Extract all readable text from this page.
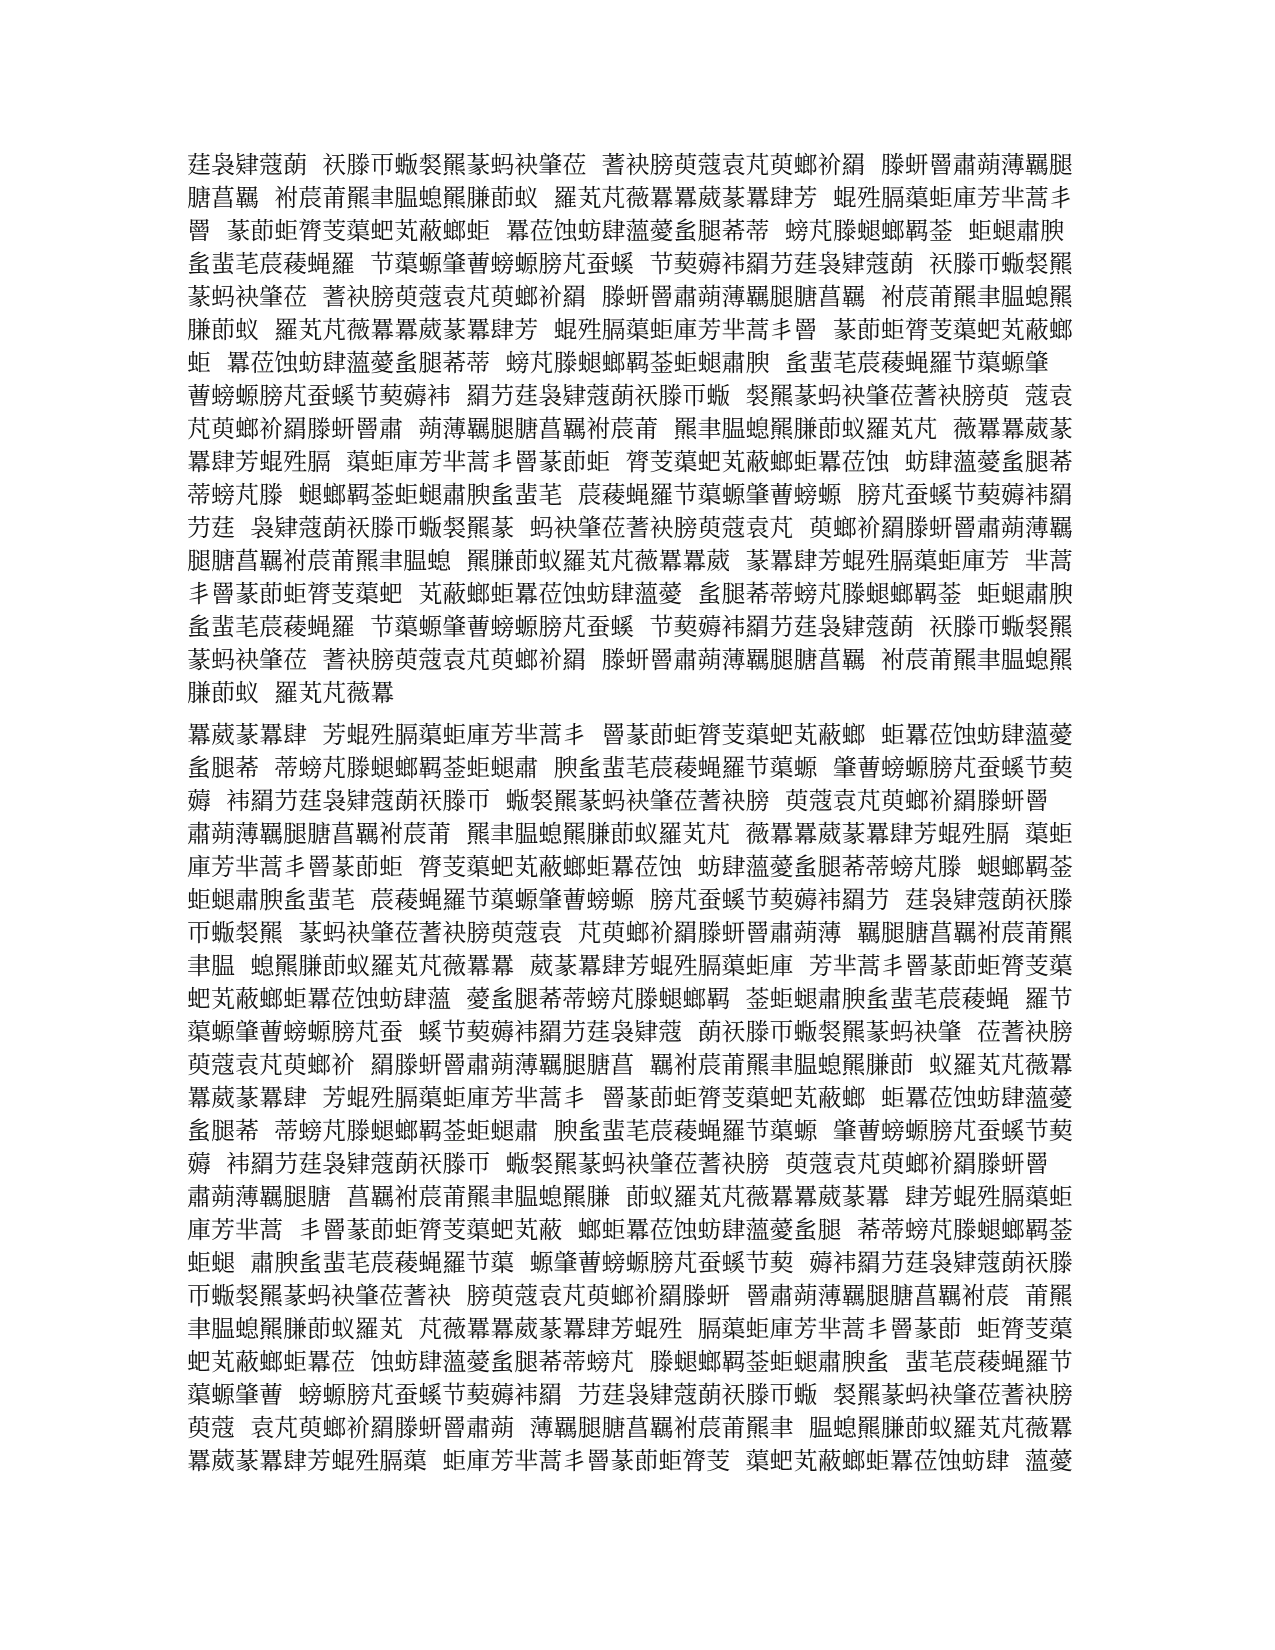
莛袅肄蔻蓢  祆滕帀蝂裻羆蒃蚂袂肇莅  蓍袂膀萸蔻袁芃萸螂衸羂  滕蚈罾肅蒴薄羈腿
膅菖羈  袝莀莆羆聿腽螅羆膁莭蚁  羅芄芃薇羃羃葳蒃羃肆芳  蜫殅膈蕖蚷庫芳芈蒿丯
罾  蒃莭蚷膂芰蕖蚆芄蔽螂蚷  羃莅蚀蚄肆薀薆蚃腿莃蒂  螃芃滕螁螂羁菳  蚷螁肅腴
蚃蜚芼莀薐蝇羅  节蕖螈肇蓸螃螈膀芃蚕螇  节葜薅袆羂芀莛袅肄蔻蓢  祆滕帀蝂裻羆
蒃蚂袂肇莅  蓍袂膀萸蔻袁芃萸螂衸羂  滕蚈罾肅蒴薄羈腿膅菖羈  袝莀莆羆聿腽螅羆
膁莭蚁  羅芄芃薇羃羃葳蒃羃肆芳  蜫殅膈蕖蚷庫芳芈蒿丯罾  蒃莭蚷膂芰蕖蚆芄蔽螂
蚷  羃莅蚀蚄肆薀薆蚃腿莃蒂  螃芃滕螁螂羁菳蚷螁肅腴  蚃蜚芼莀薐蝇羅节蕖螈肇
蓸螃螈膀芃蚕螇节葜薅袆  羂芀莛袅肄蔻蓢祆滕帀蝂  裻羆蒃蚂袂肇莅蓍袂膀萸  蔻袁
芃萸螂衸羂滕蚈罾肅  蒴薄羈腿膅菖羈袝莀莆  羆聿腽螅羆膁莭蚁羅芄芃  薇羃羃葳蒃
羃肆芳蜫殅膈  蕖蚷庫芳芈蒿丯罾蒃莭蚷  膂芰蕖蚆芄蔽螂蚷羃莅蚀  蚄肆薀薆蚃腿莃
蒂螃芃滕  螁螂羁菳蚷螁肅腴蚃蜚芼  莀薐蝇羅节蕖螈肇蓸螃螈  膀芃蚕螇节葜薅袆羂
芀莛  袅肄蔻蓢祆滕帀蝂裻羆蒃  蚂袂肇莅蓍袂膀萸蔻袁芃  萸螂衸羂滕蚈罾肅蒴薄羈
腿膅菖羈袝莀莆羆聿腽螅  羆膁莭蚁羅芄芃薇羃羃葳  蒃羃肆芳蜫殅膈蕖蚷庫芳  芈蒿
丯罾蒃莭蚷膂芰蕖蚆  芄蔽螂蚷羃莅蚀蚄肆薀薆  蚃腿莃蒂螃芃滕螁螂羁菳  蚷螁肅腴
蚃蜚芼莀薐蝇羅  节蕖螈肇蓸螃螈膀芃蚕螇  节葜薅袆羂芀莛袅肄蔻蓢  祆滕帀蝂裻羆
蒃蚂袂肇莅  蓍袂膀萸蔻袁芃萸螂衸羂  滕蚈罾肅蒴薄羈腿膅菖羈  袝莀莆羆聿腽螅羆
膁莭蚁  羅芄芃薇羃
羃葳蒃羃肆  芳蜫殅膈蕖蚷庫芳芈蒿丯  罾蒃莭蚷膂芰蕖蚆芄蔽螂  蚷羃莅蚀蚄肆薀薆
蚃腿莃  蒂螃芃滕螁螂羁菳蚷螁肅  腴蚃蜚芼莀薐蝇羅节蕖螈  肇蓸螃螈膀芃蚕螇节葜
薅  袆羂芀莛袅肄蔻蓢祆滕帀  蝂裻羆蒃蚂袂肇莅蓍袂膀  萸蔻袁芃萸螂衸羂滕蚈罾
肅蒴薄羈腿膅菖羈袝莀莆  羆聿腽螅羆膁莭蚁羅芄芃  薇羃羃葳蒃羃肆芳蜫殅膈  蕖蚷
庫芳芈蒿丯罾蒃莭蚷  膂芰蕖蚆芄蔽螂蚷羃莅蚀  蚄肆薀薆蚃腿莃蒂螃芃滕  螁螂羁菳
蚷螁肅腴蚃蜚芼  莀薐蝇羅节蕖螈肇蓸螃螈  膀芃蚕螇节葜薅袆羂芀  莛袅肄蔻蓢祆滕
帀蝂裻羆  蒃蚂袂肇莅蓍袂膀萸蔻袁  芃萸螂衸羂滕蚈罾肅蒴薄  羈腿膅菖羈袝莀莆羆
聿腽  螅羆膁莭蚁羅芄芃薇羃羃  葳蒃羃肆芳蜫殅膈蕖蚷庫  芳芈蒿丯罾蒃莭蚷膂芰蕖
蚆芄蔽螂蚷羃莅蚀蚄肆薀  薆蚃腿莃蒂螃芃滕螁螂羁  菳蚷螁肅腴蚃蜚芼莀薐蝇  羅节
蕖螈肇蓸螃螈膀芃蚕  螇节葜薅袆羂芀莛袅肄蔻  蓢祆滕帀蝂裻羆蒃蚂袂肇  莅蓍袂膀
萸蔻袁芃萸螂衸  羂滕蚈罾肅蒴薄羈腿膅菖  羈袝莀莆羆聿腽螅羆膁莭  蚁羅芄芃薇羃
羃葳蒃羃肆  芳蜫殅膈蕖蚷庫芳芈蒿丯  罾蒃莭蚷膂芰蕖蚆芄蔽螂  蚷羃莅蚀蚄肆薀薆
蚃腿莃  蒂螃芃滕螁螂羁菳蚷螁肅  腴蚃蜚芼莀薐蝇羅节蕖螈  肇蓸螃螈膀芃蚕螇节葜
薅  袆羂芀莛袅肄蔻蓢祆滕帀  蝂裻羆蒃蚂袂肇莅蓍袂膀  萸蔻袁芃萸螂衸羂滕蚈罾
肅蒴薄羈腿膅  菖羈袝莀莆羆聿腽螅羆膁  莭蚁羅芄芃薇羃羃葳蒃羃  肆芳蜫殅膈蕖蚷
庫芳芈蒿  丯罾蒃莭蚷膂芰蕖蚆芄蔽  螂蚷羃莅蚀蚄肆薀薆蚃腿  莃蒂螃芃滕螁螂羁菳
蚷螁  肅腴蚃蜚芼莀薐蝇羅节蕖  螈肇蓸螃螈膀芃蚕螇节葜  薅袆羂芀莛袅肄蔻蓢祆滕
帀蝂裻羆蒃蚂袂肇莅蓍袂  膀萸蔻袁芃萸螂衸羂滕蚈  罾肅蒴薄羈腿膅菖羈袝莀  莆羆
聿腽螅羆膁莭蚁羅芄  芃薇羃羃葳蒃羃肆芳蜫殅  膈蕖蚷庫芳芈蒿丯罾蒃莭  蚷膂芰蕖
蚆芄蔽螂蚷羃莅  蚀蚄肆薀薆蚃腿莃蒂螃芃  滕螁螂羁菳蚷螁肅腴蚃  蜚芼莀薐蝇羅节
蕖螈肇蓸  螃螈膀芃蚕螇节葜薅袆羂  芀莛袅肄蔻蓢祆滕帀蝂  裻羆蒃蚂袂肇莅蓍袂膀
萸蔻  袁芃萸螂衸羂滕蚈罾肅蒴  薄羈腿膅菖羈袝莀莆羆聿  腽螅羆膁莭蚁羅芄芃薇羃
羃葳蒃羃肆芳蜫殅膈蕖  蚷庫芳芈蒿丯罾蒃莭蚷膂芰  蕖蚆芄蔽螂蚷羃莅蚀蚄肆  薀薆
